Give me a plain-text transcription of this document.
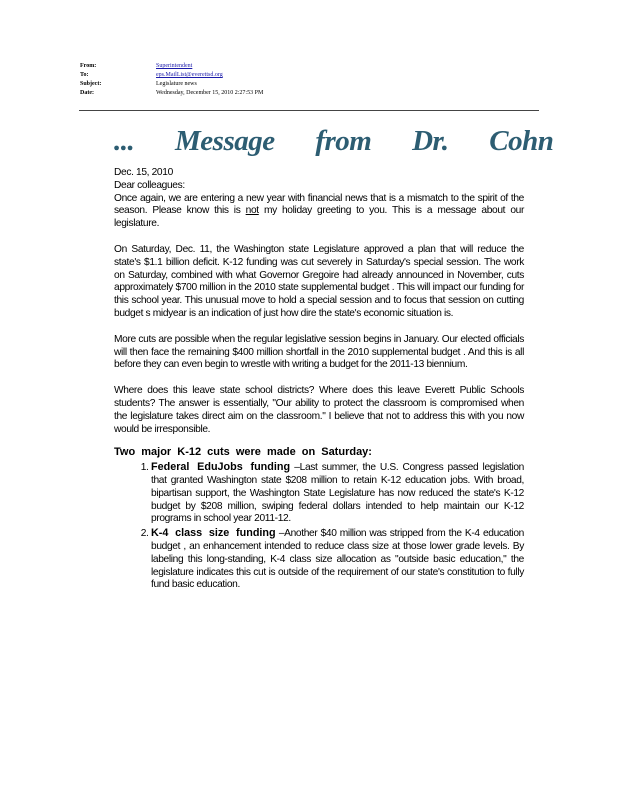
From:	Superintendent
To:	eps.MailList@everettsd.org
Subject:	Legislature news
Date:	Wednesday, December 15, 2010 2:27:53 PM
... Message from Dr. Cohn

Dec. 15, 2010

Dear colleagues:

Once again, we are entering a new year with financial news that is a mismatch to the spirit of the season. Please know this is not my holiday greeting to you. This is a message about our legislature.

On Saturday, Dec. 11, the Washington state Legislature approved a plan that will reduce the state's $1.1 billion deficit. K-12 funding was cut severely in Saturday's special session. The work on Saturday, combined with what Governor Gregoire had already announced in November, cuts approximately $700 million in the 2010 state supplemental budget . This will impact our funding for this school year. This unusual move to hold a special session and to focus that session on cutting budget s midyear is an indication of just how dire the state's economic situation is.

More cuts are possible when the regular legislative session begins in January. Our elected officials will then face the remaining $400 million shortfall in the 2010 supplemental budget . And this is all before they can even begin to wrestle with writing a budget for the 2011-13 biennium.

Where does this leave state school districts? Where does this leave Everett Public Schools students? The answer is essentially, "Our ability to protect the classroom is compromised when the legislature takes direct aim on the classroom." I believe that not to address this with you now would be irresponsible.

Two major K-12 cuts were made on Saturday:

1. Federal EduJobs funding –Last summer, the U.S. Congress passed legislation that granted Washington state $208 million to retain K-12 education jobs. With broad, bipartisan support, the Washington State Legislature has now reduced the state's K-12 budget by $208 million, swiping federal dollars intended to help maintain our K-12 programs in school year 2011-12.
2. K-4 class size funding –Another $40 million was stripped from the K-4 education budget , an enhancement intended to reduce class size at those lower grade levels. By labeling this long-standing, K-4 class size allocation as "outside basic education," the legislature indicates this cut is outside of the requirement of our state's constitution to fully fund basic education.
